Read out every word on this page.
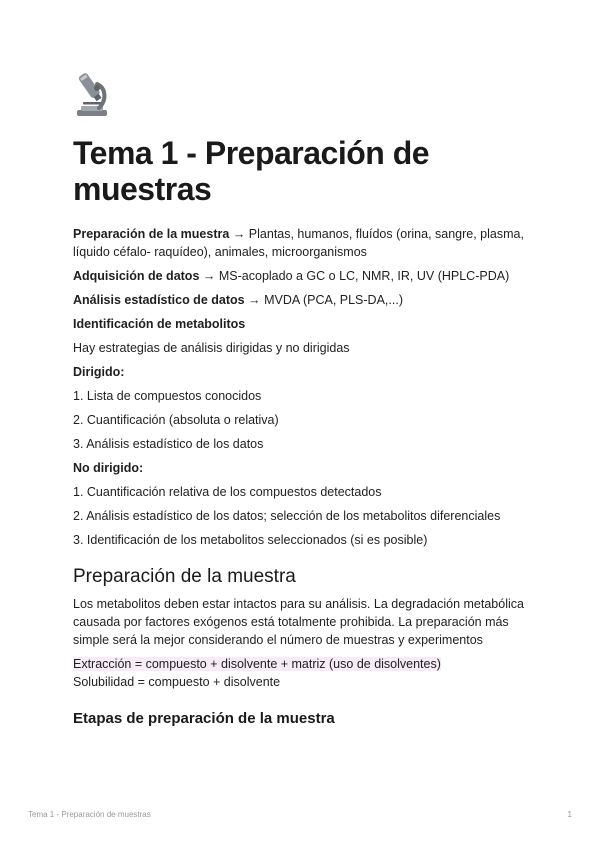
Tema 1 - Preparación de muestras

Preparación de la muestra → Plantas, humanos, fluídos (orina, sangre, plasma, líquido céfalo- raquídeo), animales, microorganismos

Adquisición de datos → MS-acoplado a GC o LC, NMR, IR, UV (HPLC-PDA)

Análisis estadístico de datos → MVDA (PCA, PLS-DA,...)

Identificación de metabolitos

Hay estrategias de análisis dirigidas y no dirigidas

Dirigido:

1. Lista de compuestos conocidos

2. Cuantificación (absoluta o relativa)

3. Análisis estadístico de los datos

No dirigido:

1. Cuantificación relativa de los compuestos detectados

2. Análisis estadístico de los datos; selección de los metabolitos diferenciales

3. Identificación de los metabolitos seleccionados (si es posible)

Preparación de la muestra

Los metabolitos deben estar intactos para su análisis. La degradación metabólica causada por factores exógenos está totalmente prohibida. La preparación más simple será la mejor considerando el número de muestras y experimentos

Extracción = compuesto + disolvente + matriz (uso de disolventes)

Solubilidad = compuesto + disolvente

Etapas de preparación de la muestra
Tema 1 - Preparación de muestras	1
